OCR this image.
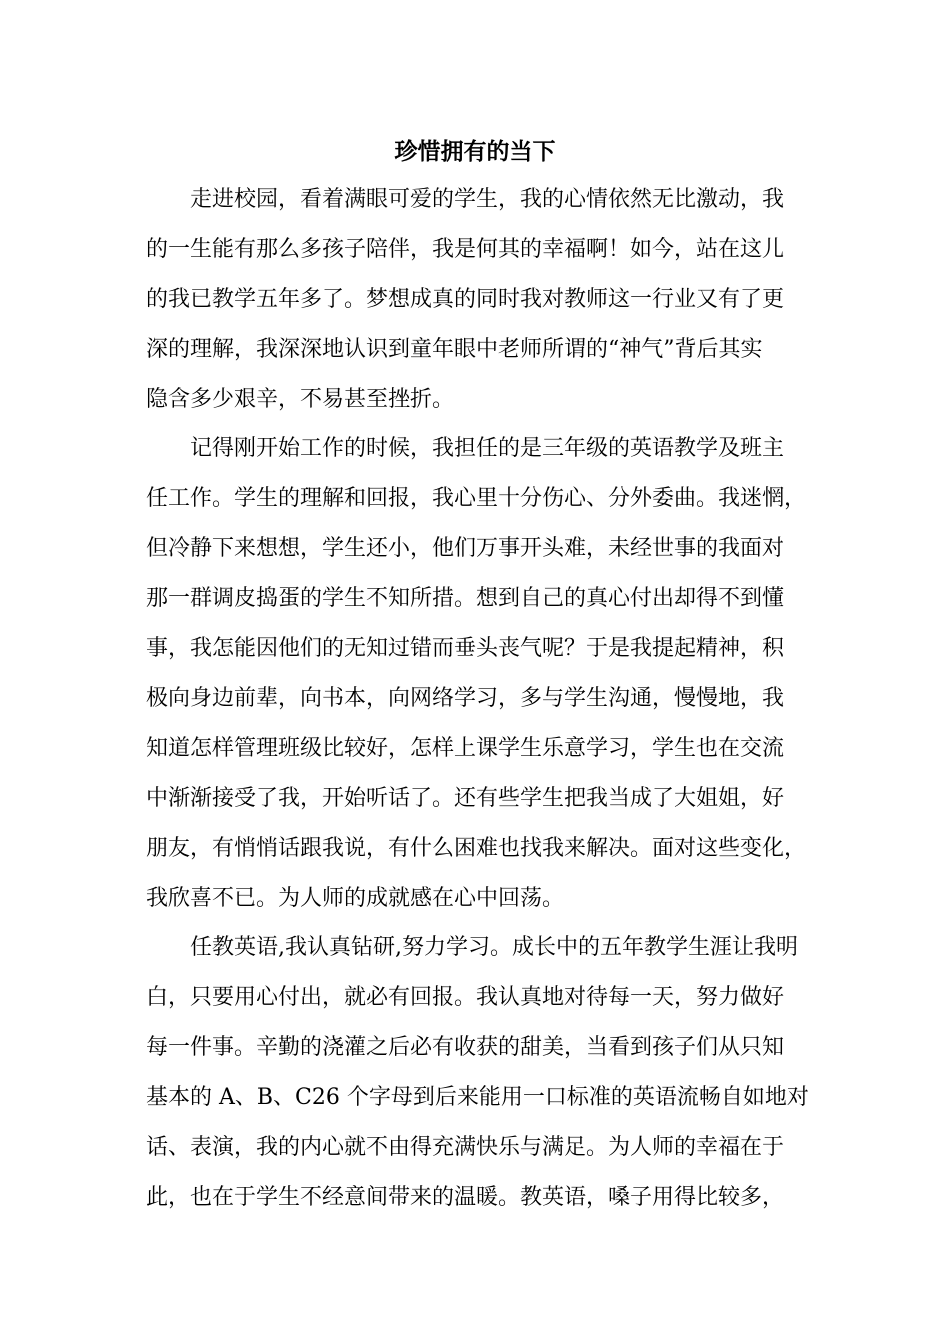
珍惜拥有的当下
走进校园，看着满眼可爱的学生，我的心情依然无比激动，我
的一生能有那么多孩子陪伴，我是何其的幸福啊！如今，站在这儿
的我已教学五年多了。梦想成真的同时我对教师这一行业又有了更
深的理解，我深深地认识到童年眼中老师所谓的“神气”背后其实
隐含多少艰辛，不易甚至挫折。
记得刚开始工作的时候，我担任的是三年级的英语教学及班主
任工作。学生的理解和回报，我心里十分伤心、分外委曲。我迷惘，
但冷静下来想想，学生还小，他们万事开头难，未经世事的我面对
那一群调皮捣蛋的学生不知所措。想到自己的真心付出却得不到懂
事，我怎能因他们的无知过错而垂头丧气呢？于是我提起精神，积
极向身边前辈，向书本，向网络学习，多与学生沟通，慢慢地，我
知道怎样管理班级比较好，怎样上课学生乐意学习，学生也在交流
中渐渐接受了我，开始听话了。还有些学生把我当成了大姐姐，好
朋友，有悄悄话跟我说，有什么困难也找我来解决。面对这些变化，
我欣喜不已。为人师的成就感在心中回荡。
任教英语,我认真钻研,努力学习。成长中的五年教学生涯让我明
白，只要用心付出，就必有回报。我认真地对待每一天，努力做好
每一件事。辛勤的浇灌之后必有收获的甜美，当看到孩子们从只知
基本的 A、B、C26 个字母到后来能用一口标准的英语流畅自如地对
话、表演，我的内心就不由得充满快乐与满足。为人师的幸福在于
此，也在于学生不经意间带来的温暖。教英语，嗓子用得比较多，
